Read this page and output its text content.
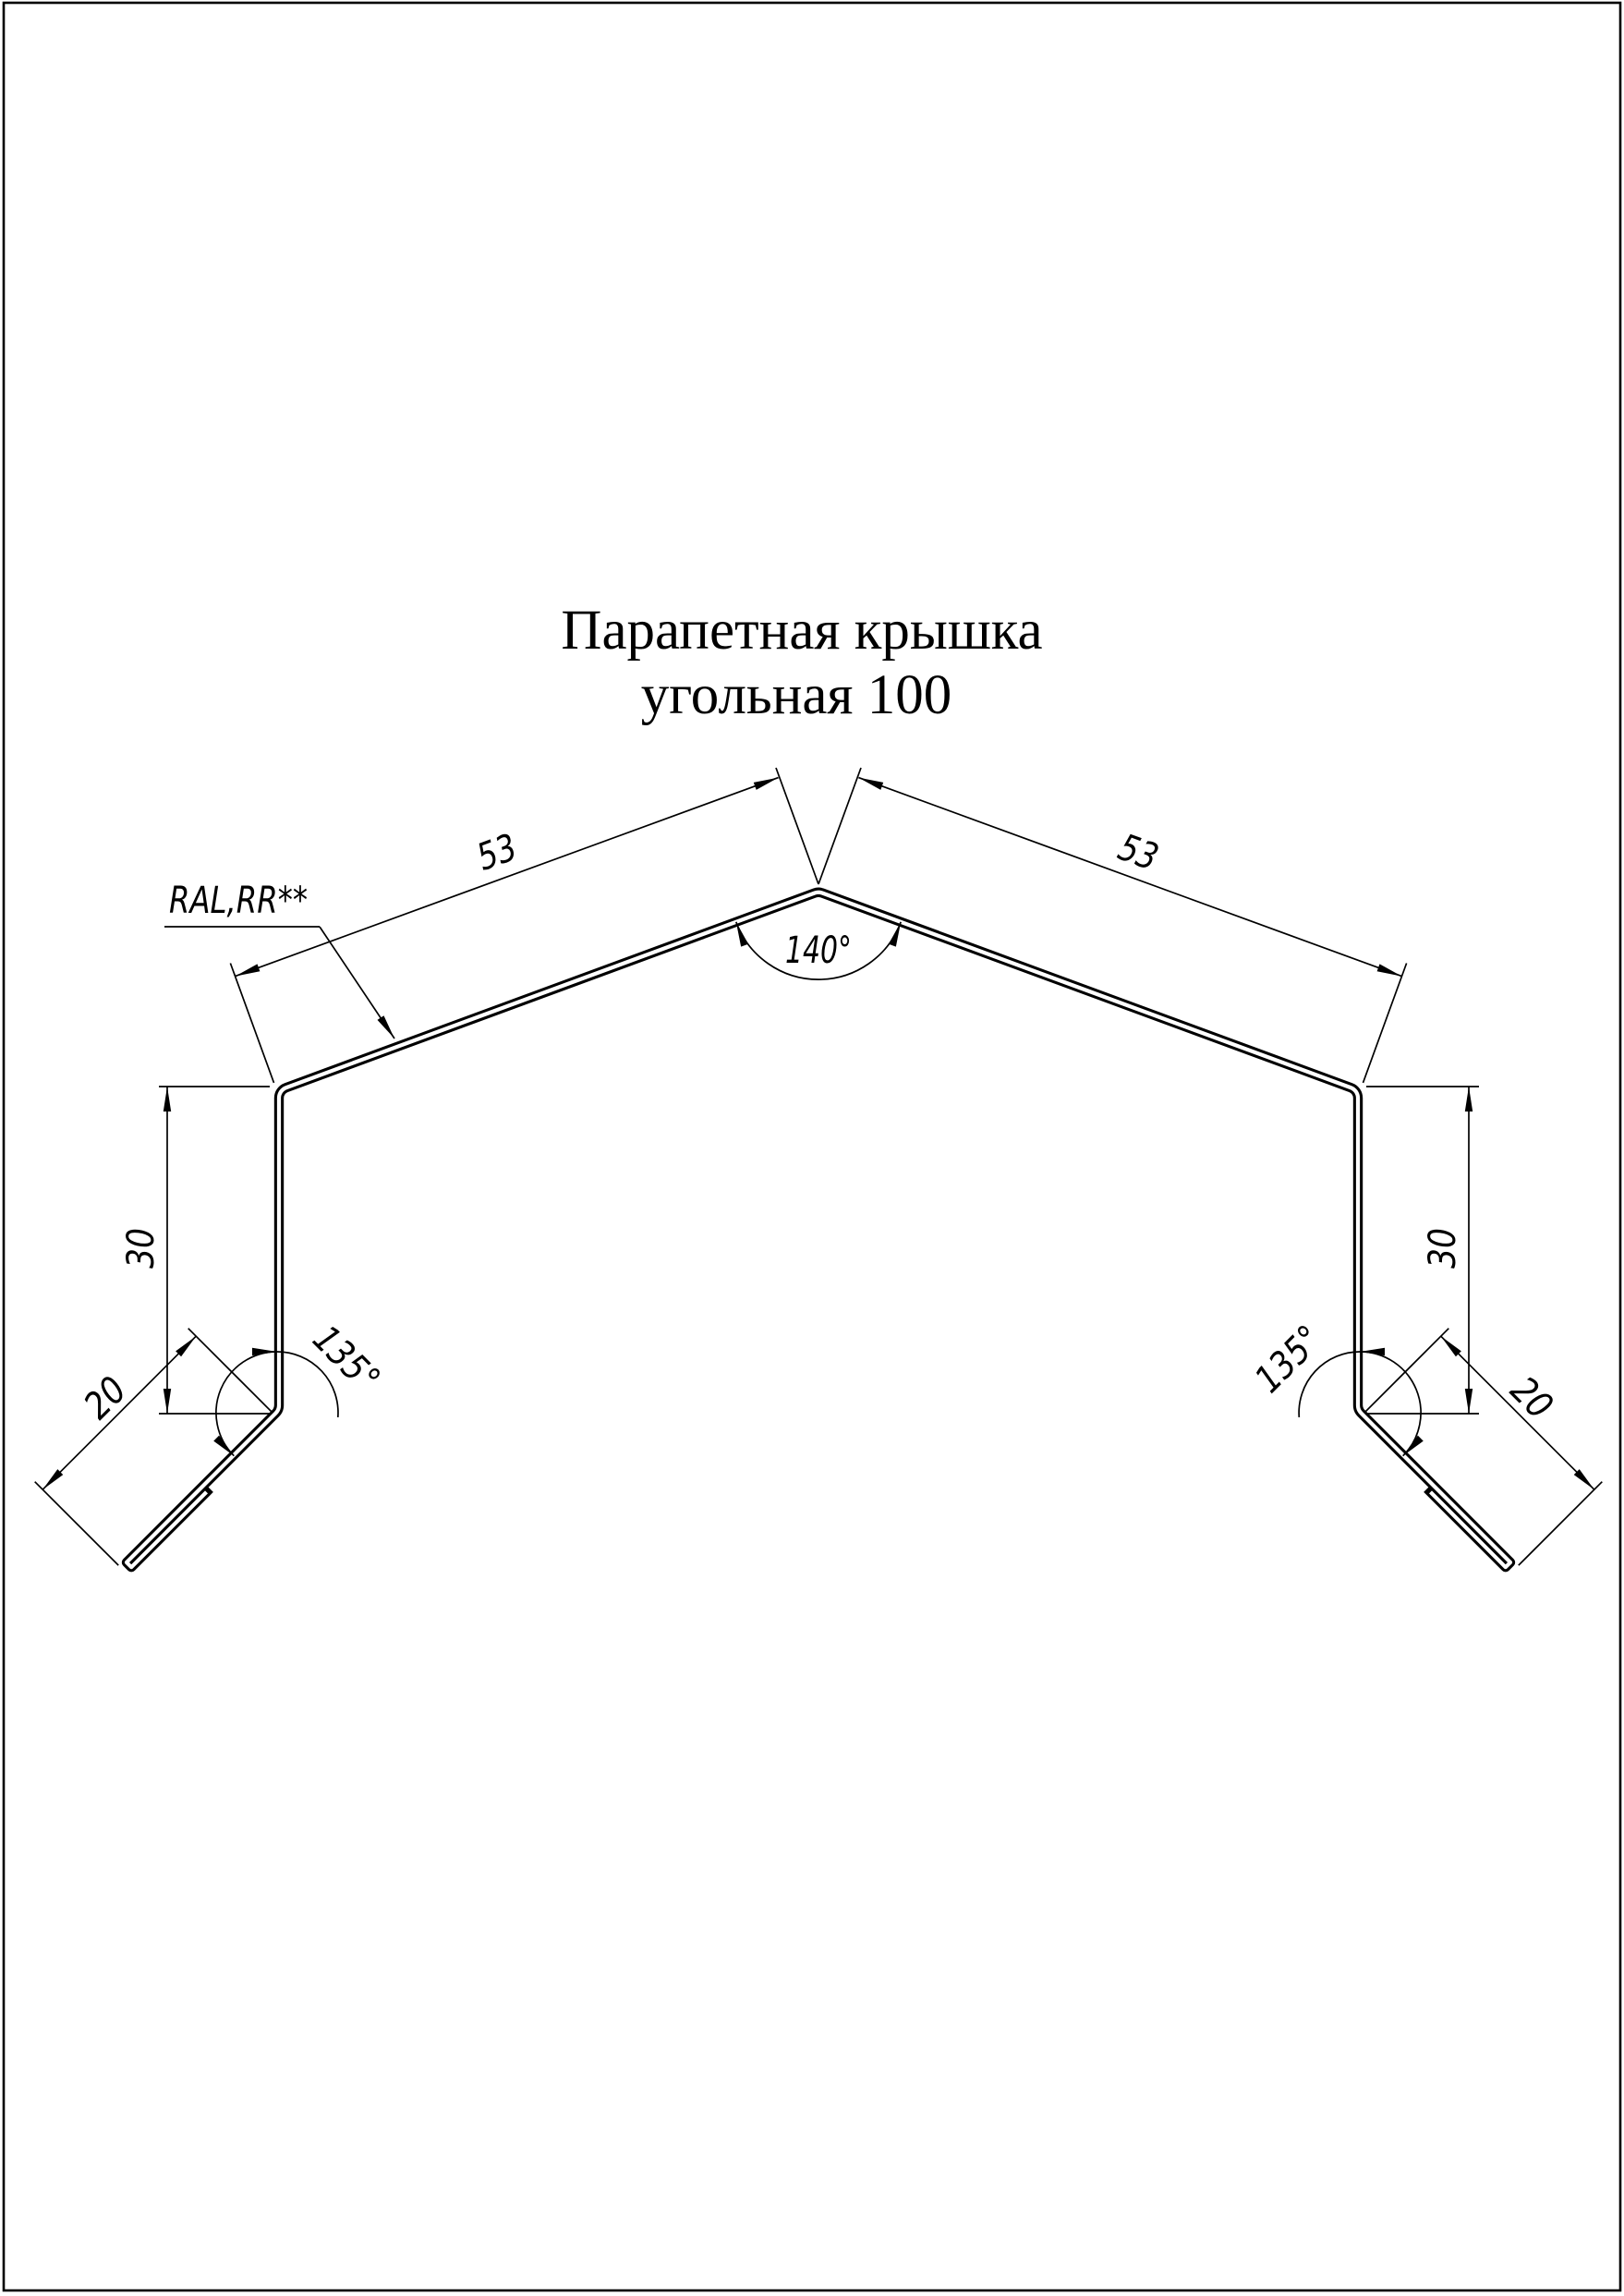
Парапетная крышка
угольная 100
RAL,RR**
53	53
140°
30	30
20	20
135°	135°
